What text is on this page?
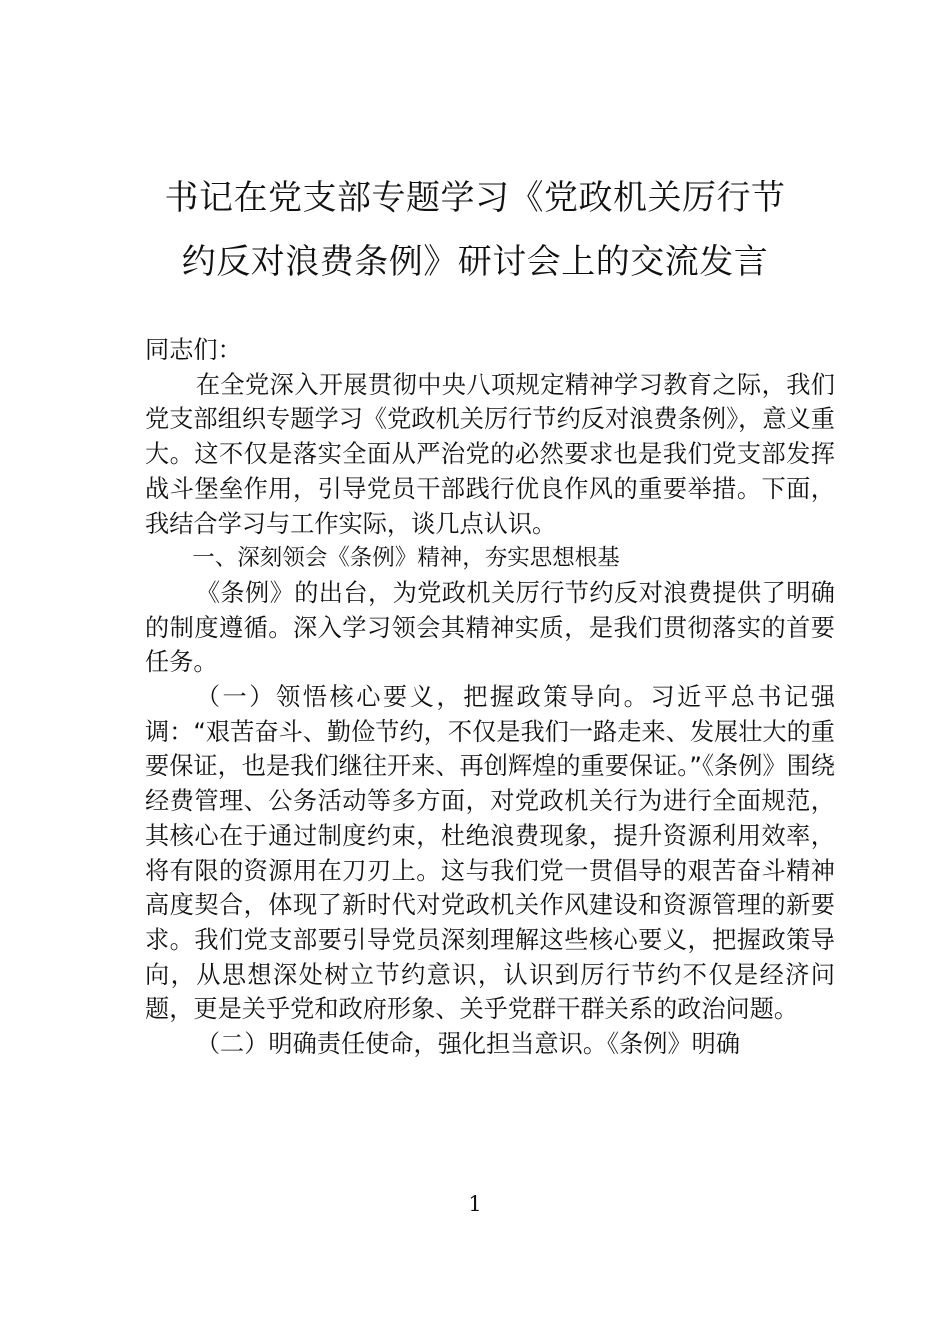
书记在党支部专题学习《党政机关厉行节
约反对浪费条例》研讨会上的交流发言

同志们：

在全党深入开展贯彻中央八项规定精神学习教育之际，我们党支部组织专题学习《党政机关厉行节约反对浪费条例》，意义重大。这不仅是落实全面从严治党的必然要求也是我们党支部发挥战斗堡垒作用，引导党员干部践行优良作风的重要举措。下面，我结合学习与工作实际，谈几点认识。

一、深刻领会《条例》精神，夯实思想根基

《条例》的出台，为党政机关厉行节约反对浪费提供了明确的制度遵循。深入学习领会其精神实质，是我们贯彻落实的首要任务。

（一）领悟核心要义，把握政策导向。习近平总书记强调：“艰苦奋斗、勤俭节约，不仅是我们一路走来、发展壮大的重要保证，也是我们继往开来、再创辉煌的重要保证。”《条例》围绕经费管理、公务活动等多方面，对党政机关行为进行全面规范，其核心在于通过制度约束，杜绝浪费现象，提升资源利用效率，将有限的资源用在刀刃上。这与我们党一贯倡导的艰苦奋斗精神高度契合，体现了新时代对党政机关作风建设和资源管理的新要求。我们党支部要引导党员深刻理解这些核心要义，把握政策导向，从思想深处树立节约意识，认识到厉行节约不仅是经济问题，更是关乎党和政府形象、关乎党群干群关系的政治问题。

（二）明确责任使命，强化担当意识。《条例》明确

1
